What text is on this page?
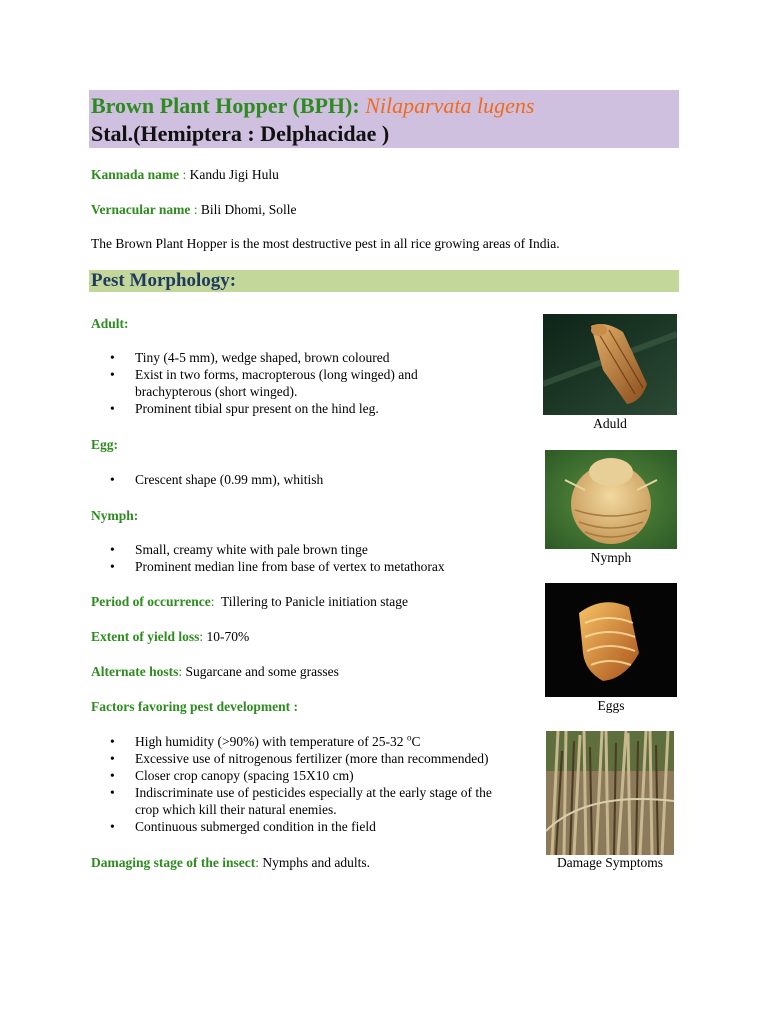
Brown Plant Hopper (BPH): Nilaparvata lugens
Stal.(Hemiptera : Delphacidae )
Kannada name : Kandu Jigi Hulu
Vernacular name : Bili Dhomi, Solle
The Brown Plant Hopper is the most destructive pest in all rice growing areas of India.
Pest Morphology:
Adult:
• Tiny (4-5 mm), wedge shaped, brown coloured
• Exist in two forms, macropterous (long winged) and
brachypterous (short winged).
• Prominent tibial spur present on the hind leg.
Egg:
• Crescent shape (0.99 mm), whitish
Nymph:
• Small, creamy white with pale brown tinge
• Prominent median line from base of vertex to metathorax
Period of occurrence:  Tillering to Panicle initiation stage
Extent of yield loss: 10-70%
Alternate hosts: Sugarcane and some grasses
Factors favoring pest development :
• High humidity (>90%) with temperature of 25-32 $^o$C
• Excessive use of nitrogenous fertilizer (more than recommended)
• Closer crop canopy (spacing 15X10 cm)
• Indiscriminate use of pesticides especially at the early stage of the
crop which kill their natural enemies.
• Continuous submerged condition in the field
Damaging stage of the insect: Nymphs and adults.
Aduld
Nymph
Eggs
Damage Symptoms
